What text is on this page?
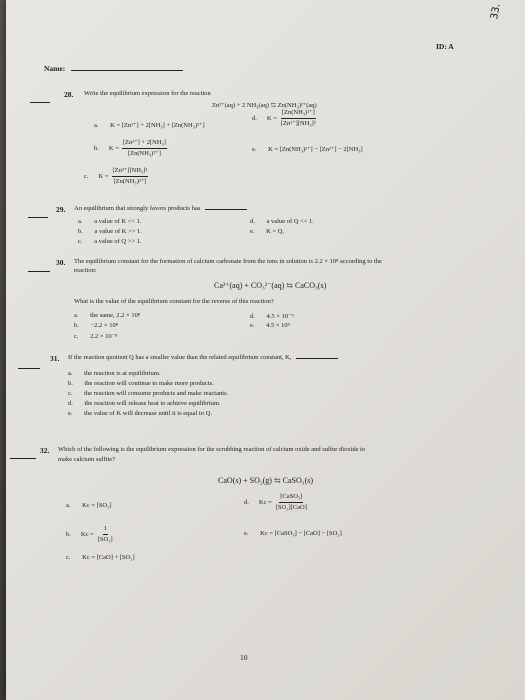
33.
ID: A
Name:
28. Write the equilibrium expression for the reaction
Zn²⁺(aq) + 2 NH₃(aq) ⇆ Zn(NH₃)²⁺(aq)
a. K = [Zn²⁺] + 2[NH₃] + [Zn(NH₃)²⁺]
d. $K = \frac{\text{[Zn(NH₃)²⁺]}}{\text{[Zn²⁺][NH₃]²}}$
b. $K = \frac{\text{[Zn²⁺] + 2[NH₃]}}{\text{[Zn(NH₃)²⁺]}}$	e. K = [Zn(NH₃)²⁺] − [Zn²⁺] − 2[NH₃]
c. $K = \frac{\text{[Zn²⁺][NH₃]²}}{\text{[Zn(NH₃)²⁺]}}$
29. An equilibrium that strongly favors products has
a. a value of K << 1.
b. a value of K >> 1.
c. a value of Q >> 1.
d. a value of Q << 1.
e. K = Q.
30. The equilibrium constant for the formation of calcium carbonate from the ions in solution is 2.2 × 10⁸ according to the
reaction:
Ca²⁺(aq) + CO₃²⁻(aq) ⇆ CaCO₃(s)
What is the value of the equilibrium constant for the reverse of this reaction?
a. the same, 2.2 × 10⁸
b. −2.2 × 10⁸
c. 2.2 × 10⁻⁸
d. 4.5 × 10⁻⁹
e. 4.5 × 10⁹
31. If the reaction quotient Q has a smaller value than the related equilibrium constant, K,
a. the reaction is at equilibrium.
b. the reaction will continue to make more products.
c. the reaction will consume products and make reactants.
d. the reaction will release heat to achieve equilibrium.
e. the value of K will decrease until it is equal to Q.
32. Which of the following is the equilibrium expression for the scrubbing reaction of calcium oxide and sulfur dioxide to
make calcium sulfite?
CaO(s) + SO₂(g) ⇆ CaSO₃(s)
a. Kc = [SO₂]	d. $Kc = \frac{\text{[CaSO₃]}}{\text{[SO₂][CaO]}}$
b. $Kc = \frac{1}{\text{[SO₂]}}$	e. Kc = [CaSO₃] − [CaO] − [SO₂]
c. Kc = [CaO] + [SO₂]
10
